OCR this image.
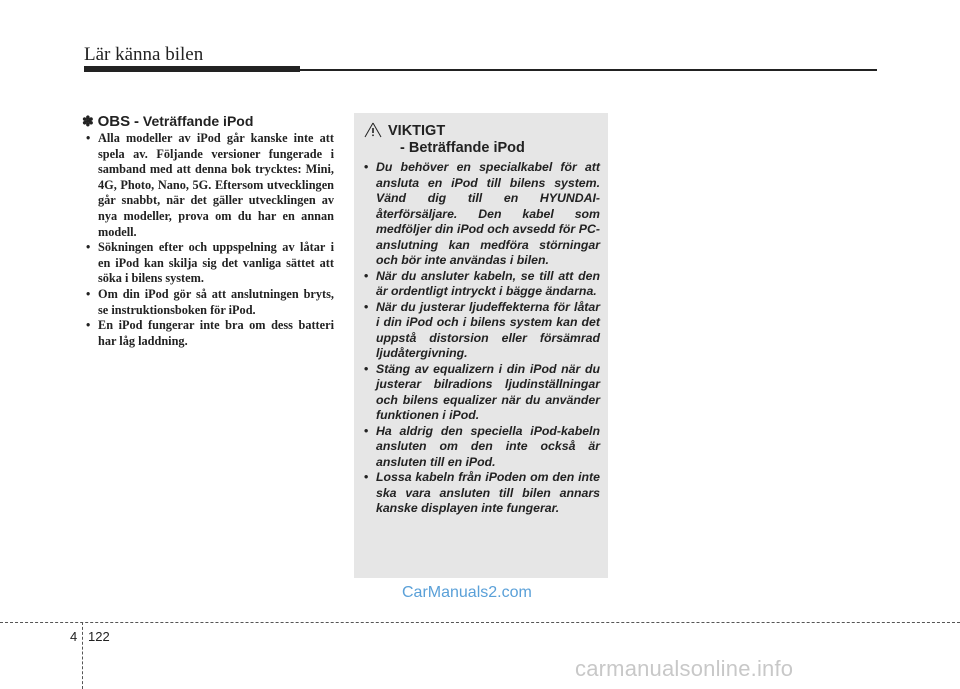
Lär känna bilen
✽ OBS - Veträffande iPod
• Alla modeller av iPod går kanske inte att spela av. Följande versioner fungerade i samband med att denna bok trycktes: Mini, 4G, Photo, Nano, 5G. Eftersom utvecklingen går snabbt, när det gäller utvecklingen av nya modeller, prova om du har en annan modell.
• Sökningen efter och uppspelning av låtar i en iPod kan skilja sig det vanliga sättet att söka i bilens system.
• Om din iPod gör så att anslutningen bryts, se instruktionsboken för iPod.
• En iPod fungerar inte bra om dess batteri har låg laddning.
VIKTIGT
- Beträffande iPod
• Du behöver en specialkabel för att ansluta en iPod till bilens system. Vänd dig till en HYUNDAI-återförsäljare. Den kabel som medföljer din iPod och avsedd för PC-anslutning kan medföra störningar och bör inte användas i bilen.
• När du ansluter kabeln, se till att den är ordentligt intryckt i bägge ändarna.
• När du justerar ljudeffekterna för låtar i din iPod och i bilens system kan det uppstå distorsion eller försämrad ljudåtergivning.
• Stäng av equalizern i din iPod när du justerar bilradions ljudinställningar och bilens equalizer när du använder funktionen i iPod.
• Ha aldrig den speciella iPod-kabeln ansluten om den inte också är ansluten till en iPod.
• Lossa kabeln från iPoden om den inte ska vara ansluten till bilen annars kanske displayen inte fungerar.
CarManuals2.com
4 122
carmanualsonline.info
